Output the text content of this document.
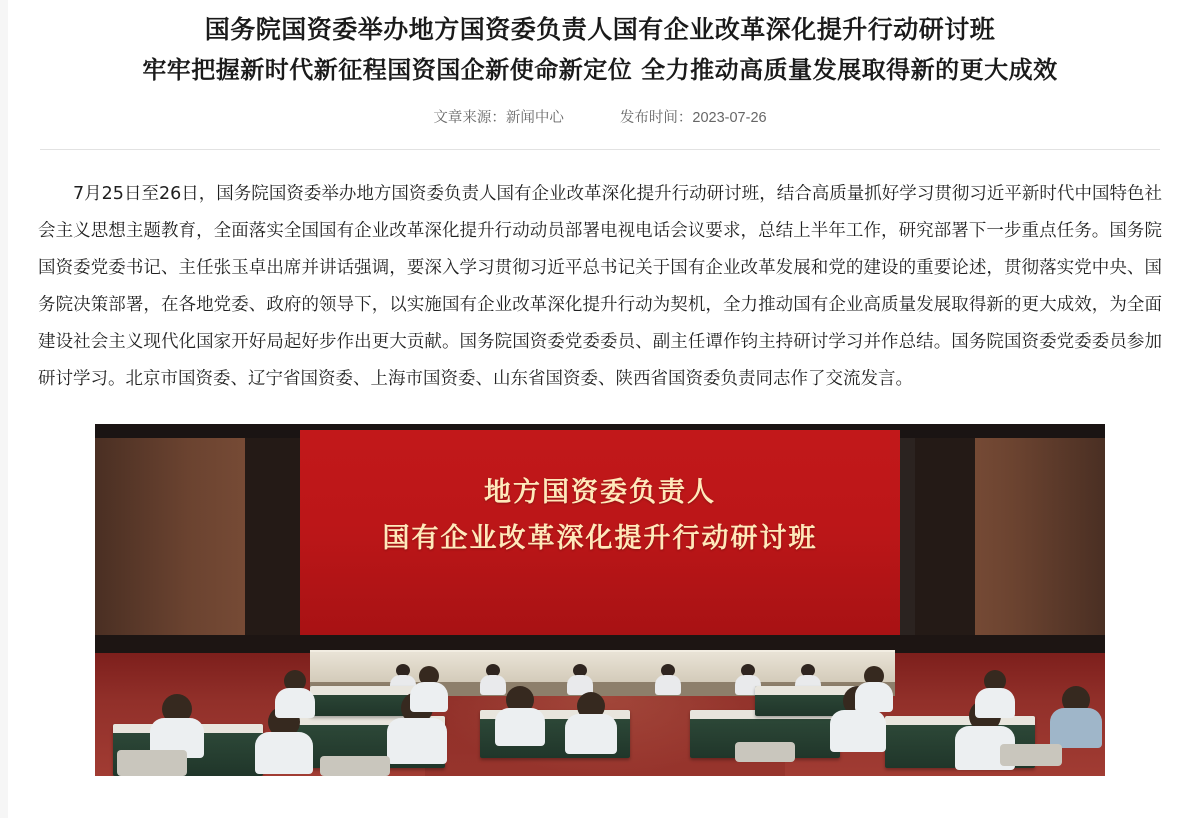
国务院国资委举办地方国资委负责人国有企业改革深化提升行动研讨班
牢牢把握新时代新征程国资国企新使命新定位 全力推动高质量发展取得新的更大成效
文章来源：新闻中心	发布时间：2023-07-26

7月25日至26日，国务院国资委举办地方国资委负责人国有企业改革深化提升行动研讨班，结合高质量抓好学习贯彻习近平新时代中国特色社会主义思想主题教育，全面落实全国国有企业改革深化提升行动动员部署电视电话会议要求，总结上半年工作，研究部署下一步重点任务。国务院国资委党委书记、主任张玉卓出席并讲话强调，要深入学习贯彻习近平总书记关于国有企业改革发展和党的建设的重要论述，贯彻落实党中央、国务院决策部署，在各地党委、政府的领导下，以实施国有企业改革深化提升行动为契机，全力推动国有企业高质量发展取得新的更大成效，为全面建设社会主义现代化国家开好局起好步作出更大贡献。国务院国资委党委委员、副主任谭作钧主持研讨学习并作总结。国务院国资委党委委员参加研讨学习。北京市国资委、辽宁省国资委、上海市国资委、山东省国资委、陕西省国资委负责同志作了交流发言。

地方国资委负责人
国有企业改革深化提升行动研讨班
